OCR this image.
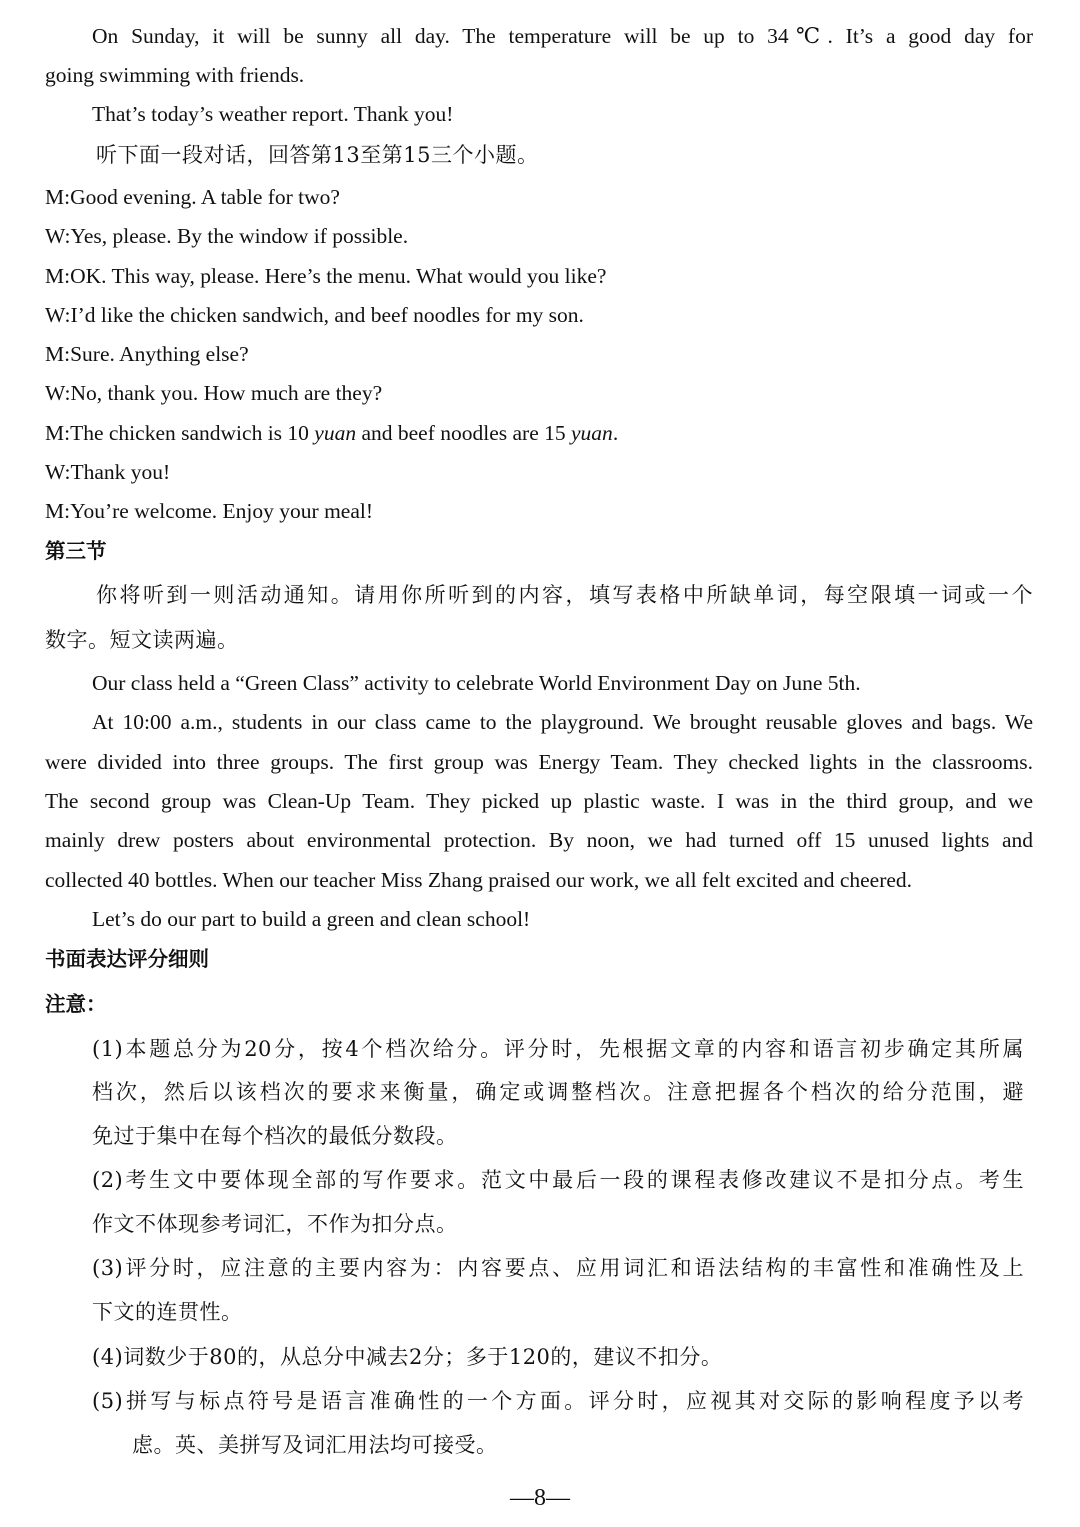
On Sunday, it will be sunny all day. The temperature will be up to 34℃. It’s a good day for
going swimming with friends.
That’s today’s weather report. Thank you!
听下面一段对话，回答第13至第15三个小题。
M:Good evening. A table for two?
W:Yes, please. By the window if possible.
M:OK. This way, please. Here’s the menu. What would you like?
W:I’d like the chicken sandwich, and beef noodles for my son.
M:Sure. Anything else?
W:No, thank you. How much are they?
M:The chicken sandwich is 10 yuan and beef noodles are 15 yuan.
W:Thank you!
M:You’re welcome. Enjoy your meal!
第三节
你将听到一则活动通知。请用你所听到的内容，填写表格中所缺单词，每空限填一词或一个
数字。短文读两遍。
Our class held a “Green Class” activity to celebrate World Environment Day on June 5th.
At 10:00 a.m., students in our class came to the playground. We brought reusable gloves and bags. We
were divided into three groups. The first group was Energy Team. They checked lights in the classrooms.
The second group was Clean-Up Team. They picked up plastic waste. I was in the third group, and we
mainly drew posters about environmental protection. By noon, we had turned off 15 unused lights and
collected 40 bottles. When our teacher Miss Zhang praised our work, we all felt excited and cheered.
Let’s do our part to build a green and clean school!
书面表达评分细则
注意：
(1)本题总分为20分，按4个档次给分。评分时，先根据文章的内容和语言初步确定其所属
档次，然后以该档次的要求来衡量，确定或调整档次。注意把握各个档次的给分范围，避
免过于集中在每个档次的最低分数段。
(2)考生文中要体现全部的写作要求。范文中最后一段的课程表修改建议不是扣分点。考生
作文不体现参考词汇，不作为扣分点。
(3)评分时，应注意的主要内容为：内容要点、应用词汇和语法结构的丰富性和准确性及上
下文的连贯性。
(4)词数少于80的，从总分中减去2分；多于120的，建议不扣分。
(5)拼写与标点符号是语言准确性的一个方面。评分时，应视其对交际的影响程度予以考
虑。英、美拼写及词汇用法均可接受。
—8—
